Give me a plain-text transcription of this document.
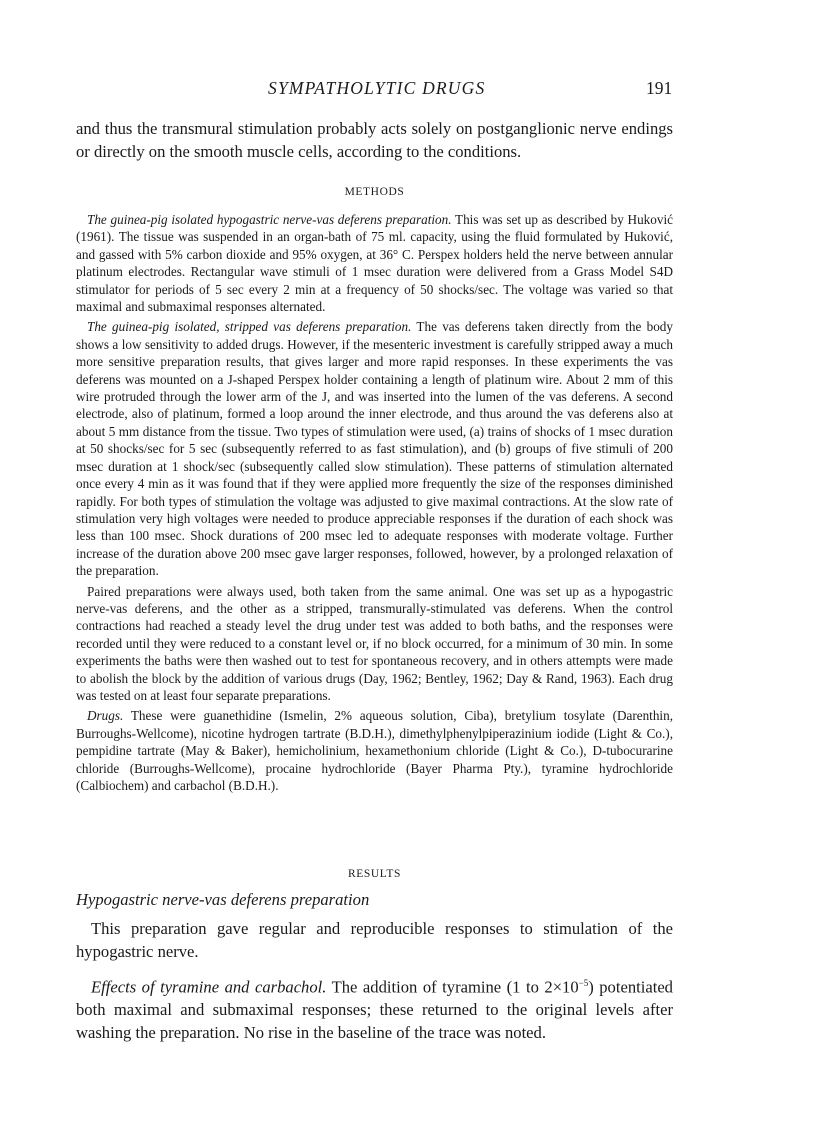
SYMPATHOLYTIC DRUGS	191

and thus the transmural stimulation probably acts solely on postganglionic nerve endings or directly on the smooth muscle cells, according to the conditions.

METHODS

The guinea-pig isolated hypogastric nerve-vas deferens preparation. This was set up as described by Huković (1961). The tissue was suspended in an organ-bath of 75 ml. capacity, using the fluid formulated by Huković, and gassed with 5% carbon dioxide and 95% oxygen, at 36° C. Perspex holders held the nerve between annular platinum electrodes. Rectangular wave stimuli of 1 msec duration were delivered from a Grass Model S4D stimulator for periods of 5 sec every 2 min at a frequency of 50 shocks/sec. The voltage was varied so that maximal and submaximal responses alternated.

The guinea-pig isolated, stripped vas deferens preparation. The vas deferens taken directly from the body shows a low sensitivity to added drugs. However, if the mesenteric investment is carefully stripped away a much more sensitive preparation results, that gives larger and more rapid responses. In these experiments the vas deferens was mounted on a J-shaped Perspex holder containing a length of platinum wire. About 2 mm of this wire protruded through the lower arm of the J, and was inserted into the lumen of the vas deferens. A second electrode, also of platinum, formed a loop around the inner electrode, and thus around the vas deferens also at about 5 mm distance from the tissue. Two types of stimulation were used, (a) trains of shocks of 1 msec duration at 50 shocks/sec for 5 sec (subsequently referred to as fast stimulation), and (b) groups of five stimuli of 200 msec duration at 1 shock/sec (subsequently called slow stimulation). These patterns of stimulation alternated once every 4 min as it was found that if they were applied more frequently the size of the responses diminished rapidly. For both types of stimulation the voltage was adjusted to give maximal contractions. At the slow rate of stimulation very high voltages were needed to produce appreciable responses if the duration of each shock was less than 100 msec. Shock durations of 200 msec led to adequate responses with moderate voltage. Further increase of the duration above 200 msec gave larger responses, followed, however, by a prolonged relaxation of the preparation.

Paired preparations were always used, both taken from the same animal. One was set up as a hypogastric nerve-vas deferens, and the other as a stripped, transmurally-stimulated vas deferens. When the control contractions had reached a steady level the drug under test was added to both baths, and the responses were recorded until they were reduced to a constant level or, if no block occurred, for a minimum of 30 min. In some experiments the baths were then washed out to test for spontaneous recovery, and in others attempts were made to abolish the block by the addition of various drugs (Day, 1962; Bentley, 1962; Day & Rand, 1963). Each drug was tested on at least four separate preparations.

Drugs. These were guanethidine (Ismelin, 2% aqueous solution, Ciba), bretylium tosylate (Darenthin, Burroughs-Wellcome), nicotine hydrogen tartrate (B.D.H.), dimethylphenylpiperazinium iodide (Light & Co.), pempidine tartrate (May & Baker), hemicholinium, hexamethonium chloride (Light & Co.), D-tubocurarine chloride (Burroughs-Wellcome), procaine hydrochloride (Bayer Pharma Pty.), tyramine hydrochloride (Calbiochem) and carbachol (B.D.H.).

RESULTS
Hypogastric nerve-vas deferens preparation

This preparation gave regular and reproducible responses to stimulation of the hypogastric nerve.

Effects of tyramine and carbachol. The addition of tyramine (1 to $2\times 10^{-5}$) potentiated both maximal and submaximal responses; these returned to the original levels after washing the preparation. No rise in the baseline of the trace was noted.
